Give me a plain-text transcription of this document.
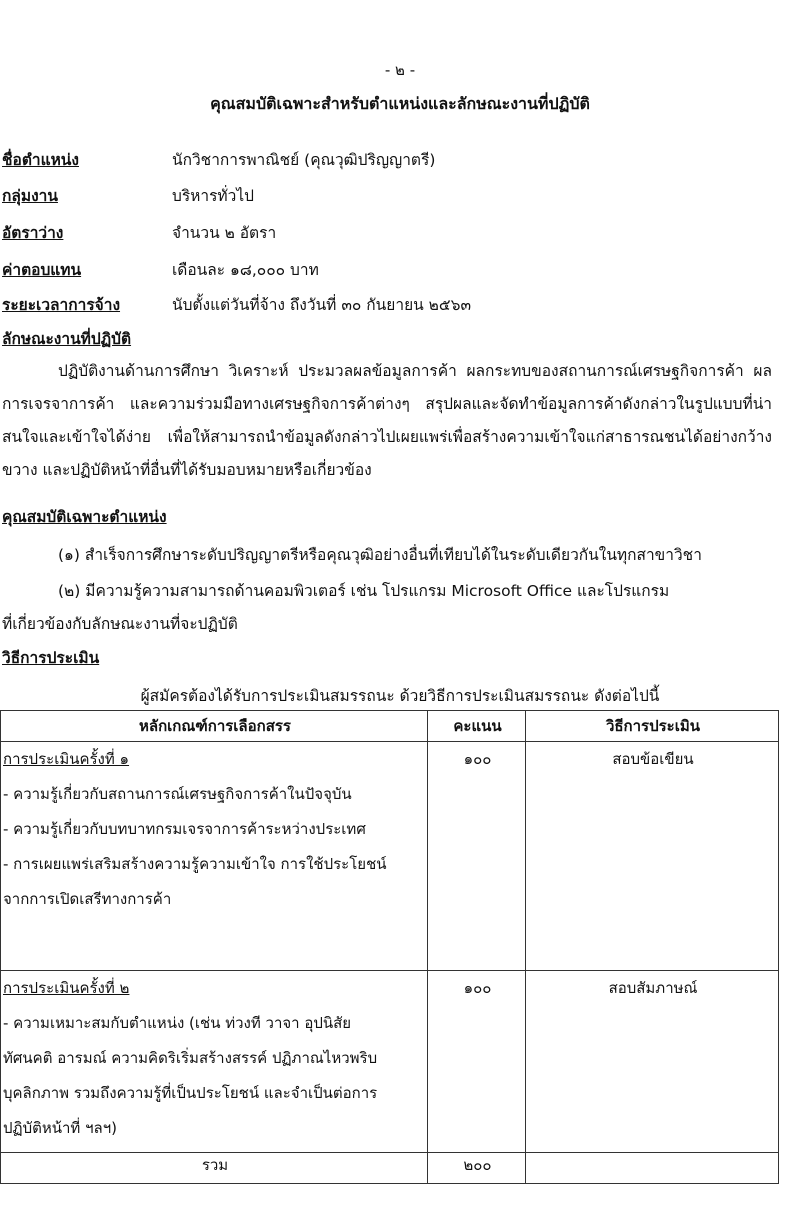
- ๒ -
คุณสมบัติเฉพาะสำหรับตำแหน่งและลักษณะงานที่ปฏิบัติ
ชื่อตำแหน่ง	นักวิชาการพาณิชย์ (คุณวุฒิปริญญาตรี)
กลุ่มงาน	บริหารทั่วไป
อัตราว่าง	จำนวน ๒ อัตรา
ค่าตอบแทน	เดือนละ ๑๘,๐๐๐ บาท
ระยะเวลาการจ้าง	นับตั้งแต่วันที่จ้าง ถึงวันที่ ๓๐ กันยายน ๒๕๖๓
ลักษณะงานที่ปฏิบัติ
ปฏิบัติงานด้านการศึกษา วิเคราะห์ ประมวลผลข้อมูลการค้า ผลกระทบของสถานการณ์เศรษฐกิจการค้า ผลการเจรจาการค้า และความร่วมมือทางเศรษฐกิจการค้าต่างๆ สรุปผลและจัดทำข้อมูลการค้าดังกล่าวในรูปแบบที่น่าสนใจและเข้าใจได้ง่าย เพื่อให้สามารถนำข้อมูลดังกล่าวไปเผยแพร่เพื่อสร้างความเข้าใจแก่สาธารณชนได้อย่างกว้างขวาง และปฏิบัติหน้าที่อื่นที่ได้รับมอบหมายหรือเกี่ยวข้อง
คุณสมบัติเฉพาะตำแหน่ง
(๑) สำเร็จการศึกษาระดับปริญญาตรีหรือคุณวุฒิอย่างอื่นที่เทียบได้ในระดับเดียวกันในทุกสาขาวิชา
(๒) มีความรู้ความสามารถด้านคอมพิวเตอร์ เช่น โปรแกรม Microsoft Office และโปรแกรม
ที่เกี่ยวข้องกับลักษณะงานที่จะปฏิบัติ
วิธีการประเมิน
ผู้สมัครต้องได้รับการประเมินสมรรถนะ ด้วยวิธีการประเมินสมรรถนะ ดังต่อไปนี้
หลักเกณฑ์การเลือกสรร	คะแนน	วิธีการประเมิน

การประเมินครั้งที่ ๑
- ความรู้เกี่ยวกับสถานการณ์เศรษฐกิจการค้าในปัจจุบัน
- ความรู้เกี่ยวกับบทบาทกรมเจรจาการค้าระหว่างประเทศ
- การเผยแพร่เสริมสร้างความรู้ความเข้าใจ การใช้ประโยชน์
จากการเปิดเสรีทางการค้า	๑๐๐	สอบข้อเขียน

การประเมินครั้งที่ ๒
- ความเหมาะสมกับตำแหน่ง (เช่น ท่วงที วาจา อุปนิสัย
ทัศนคติ อารมณ์ ความคิดริเริ่มสร้างสรรค์ ปฏิภาณไหวพริบ
บุคลิกภาพ รวมถึงความรู้ที่เป็นประโยชน์ และจำเป็นต่อการ
ปฏิบัติหน้าที่ ฯลฯ)	๑๐๐	สอบสัมภาษณ์

รวม	๒๐๐	
